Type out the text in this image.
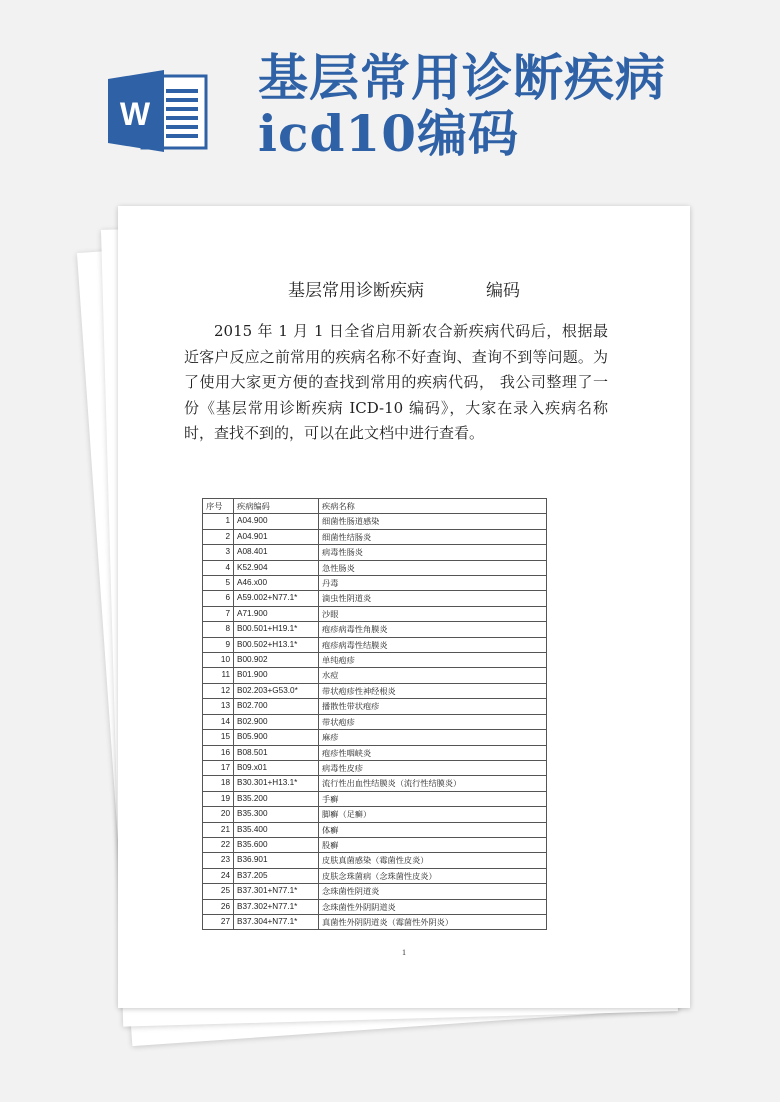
W
基层常用诊断疾病
icd10编码

基层常用诊断疾病	编码

2015 年 1 月 1 日全省启用新农合新疾病代码后，根据最近客户反应之前常用的疾病名称不好查询、查询不到等问题。为了使用大家更方便的查找到常用的疾病代码， 我公司整理了一份《基层常用诊断疾病 ICD-10 编码》，大家在录入疾病名称时，查找不到的，可以在此文档中进行查看。

序号	疾病编码	疾病名称
1	A04.900	细菌性肠道感染
2	A04.901	细菌性结肠炎
3	A08.401	病毒性肠炎
4	K52.904	急性肠炎
5	A46.x00	丹毒
6	A59.002+N77.1*	滴虫性阴道炎
7	A71.900	沙眼
8	B00.501+H19.1*	疱疹病毒性角膜炎
9	B00.502+H13.1*	疱疹病毒性结膜炎
10	B00.902	单纯疱疹
11	B01.900	水痘
12	B02.203+G53.0*	带状疱疹性神经根炎
13	B02.700	播散性带状疱疹
14	B02.900	带状疱疹
15	B05.900	麻疹
16	B08.501	疱疹性咽峡炎
17	B09.x01	病毒性皮疹
18	B30.301+H13.1*	流行性出血性结膜炎（流行性结膜炎）
19	B35.200	手癣
20	B35.300	脚癣（足癣）
21	B35.400	体癣
22	B35.600	股癣
23	B36.901	皮肤真菌感染（霉菌性皮炎）
24	B37.205	皮肤念珠菌病（念珠菌性皮炎）
25	B37.301+N77.1*	念珠菌性阴道炎
26	B37.302+N77.1*	念珠菌性外阴阴道炎
27	B37.304+N77.1*	真菌性外阴阴道炎（霉菌性外阴炎）
1
